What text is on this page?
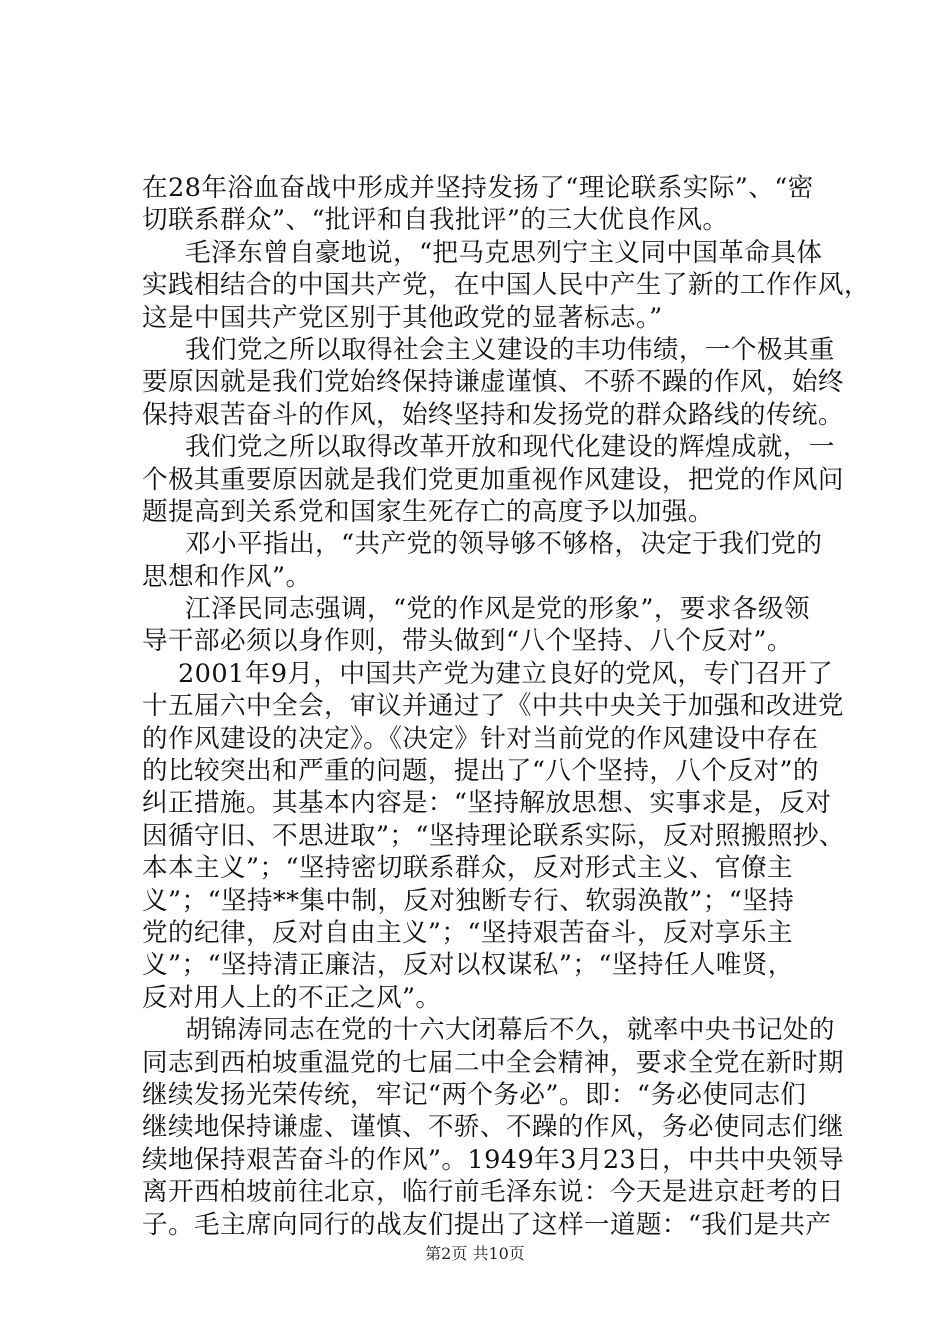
在28年浴血奋战中形成并坚持发扬了“理论联系实际”、“密
切联系群众”、“批评和自我批评”的三大优良作风。
毛泽东曾自豪地说，“把马克思列宁主义同中国革命具体
实践相结合的中国共产党，在中国人民中产生了新的工作作风，
这是中国共产党区别于其他政党的显著标志。”
我们党之所以取得社会主义建设的丰功伟绩，一个极其重
要原因就是我们党始终保持谦虚谨慎、不骄不躁的作风，始终
保持艰苦奋斗的作风，始终坚持和发扬党的群众路线的传统。
我们党之所以取得改革开放和现代化建设的辉煌成就，一
个极其重要原因就是我们党更加重视作风建设，把党的作风问
题提高到关系党和国家生死存亡的高度予以加强。
邓小平指出，“共产党的领导够不够格，决定于我们党的
思想和作风”。
江泽民同志强调，“党的作风是党的形象”，要求各级领
导干部必须以身作则，带头做到“八个坚持、八个反对”。
2001年9月，中国共产党为建立良好的党风，专门召开了
十五届六中全会，审议并通过了《中共中央关于加强和改进党
的作风建设的决定》。《决定》针对当前党的作风建设中存在
的比较突出和严重的问题，提出了“八个坚持，八个反对”的
纠正措施。其基本内容是：“坚持解放思想、实事求是，反对
因循守旧、不思进取”；“坚持理论联系实际，反对照搬照抄、
本本主义”；“坚持密切联系群众，反对形式主义、官僚主
义”；“坚持**集中制，反对独断专行、软弱涣散”；“坚持
党的纪律，反对自由主义”；“坚持艰苦奋斗，反对享乐主
义”；“坚持清正廉洁，反对以权谋私”；“坚持任人唯贤，
反对用人上的不正之风”。
胡锦涛同志在党的十六大闭幕后不久，就率中央书记处的
同志到西柏坡重温党的七届二中全会精神，要求全党在新时期
继续发扬光荣传统，牢记“两个务必”。即：“务必使同志们
继续地保持谦虚、谨慎、不骄、不躁的作风，务必使同志们继
续地保持艰苦奋斗的作风”。1949年3月23日，中共中央领导
离开西柏坡前往北京，临行前毛泽东说：今天是进京赶考的日
子。毛主席向同行的战友们提出了这样一道题：“我们是共产
第2页 共10页
